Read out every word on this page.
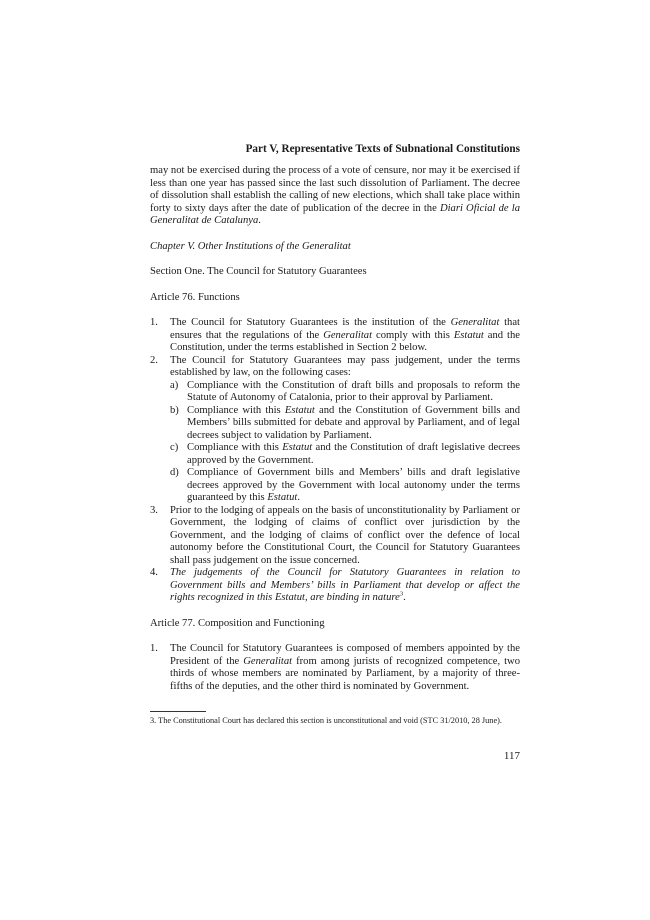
Part V, Representative Texts of Subnational Constitutions

may not be exercised during the process of a vote of censure, nor may it be exercised if less than one year has passed since the last such dissolution of Parliament. The decree of dissolution shall establish the calling of new elections, which shall take place within forty to sixty days after the date of publication of the decree in the Diari Oficial de la Generalitat de Catalunya.

Chapter V. Other Institutions of the Generalitat

Section One. The Council for Statutory Guarantees

Article 76. Functions

1. The Council for Statutory Guarantees is the institution of the Generalitat that ensures that the regulations of the Generalitat comply with this Estatut and the Constitution, under the terms established in Section 2 below.
2. The Council for Statutory Guarantees may pass judgement, under the terms established by law, on the following cases:
a) Compliance with the Constitution of draft bills and proposals to reform the Statute of Autonomy of Catalonia, prior to their approval by Parliament.
b) Compliance with this Estatut and the Constitution of Government bills and Members’ bills submitted for debate and approval by Parliament, and of legal decrees subject to validation by Parliament.
c) Compliance with this Estatut and the Constitution of draft legislative decrees approved by the Government.
d) Compliance of Government bills and Members’ bills and draft legislative decrees approved by the Government with local autonomy under the terms guaranteed by this Estatut.
3. Prior to the lodging of appeals on the basis of unconstitutionality by Parliament or Government, the lodging of claims of conflict over jurisdiction by the Government, and the lodging of claims of conflict over the defence of local autonomy before the Constitutional Court, the Council for Statutory Guarantees shall pass judgement on the issue concerned.
4. The judgements of the Council for Statutory Guarantees in relation to Government bills and Members’ bills in Parliament that develop or affect the rights recognized in this Estatut, are binding in nature$^3$.

Article 77. Composition and Functioning

1. The Council for Statutory Guarantees is composed of members appointed by the President of the Generalitat from among jurists of recognized competence, two thirds of whose members are nominated by Parliament, by a majority of three-fifths of the deputies, and the other third is nominated by Government.
3. The Constitutional Court has declared this section is unconstitutional and void (STC 31/2010, 28 June).
117
